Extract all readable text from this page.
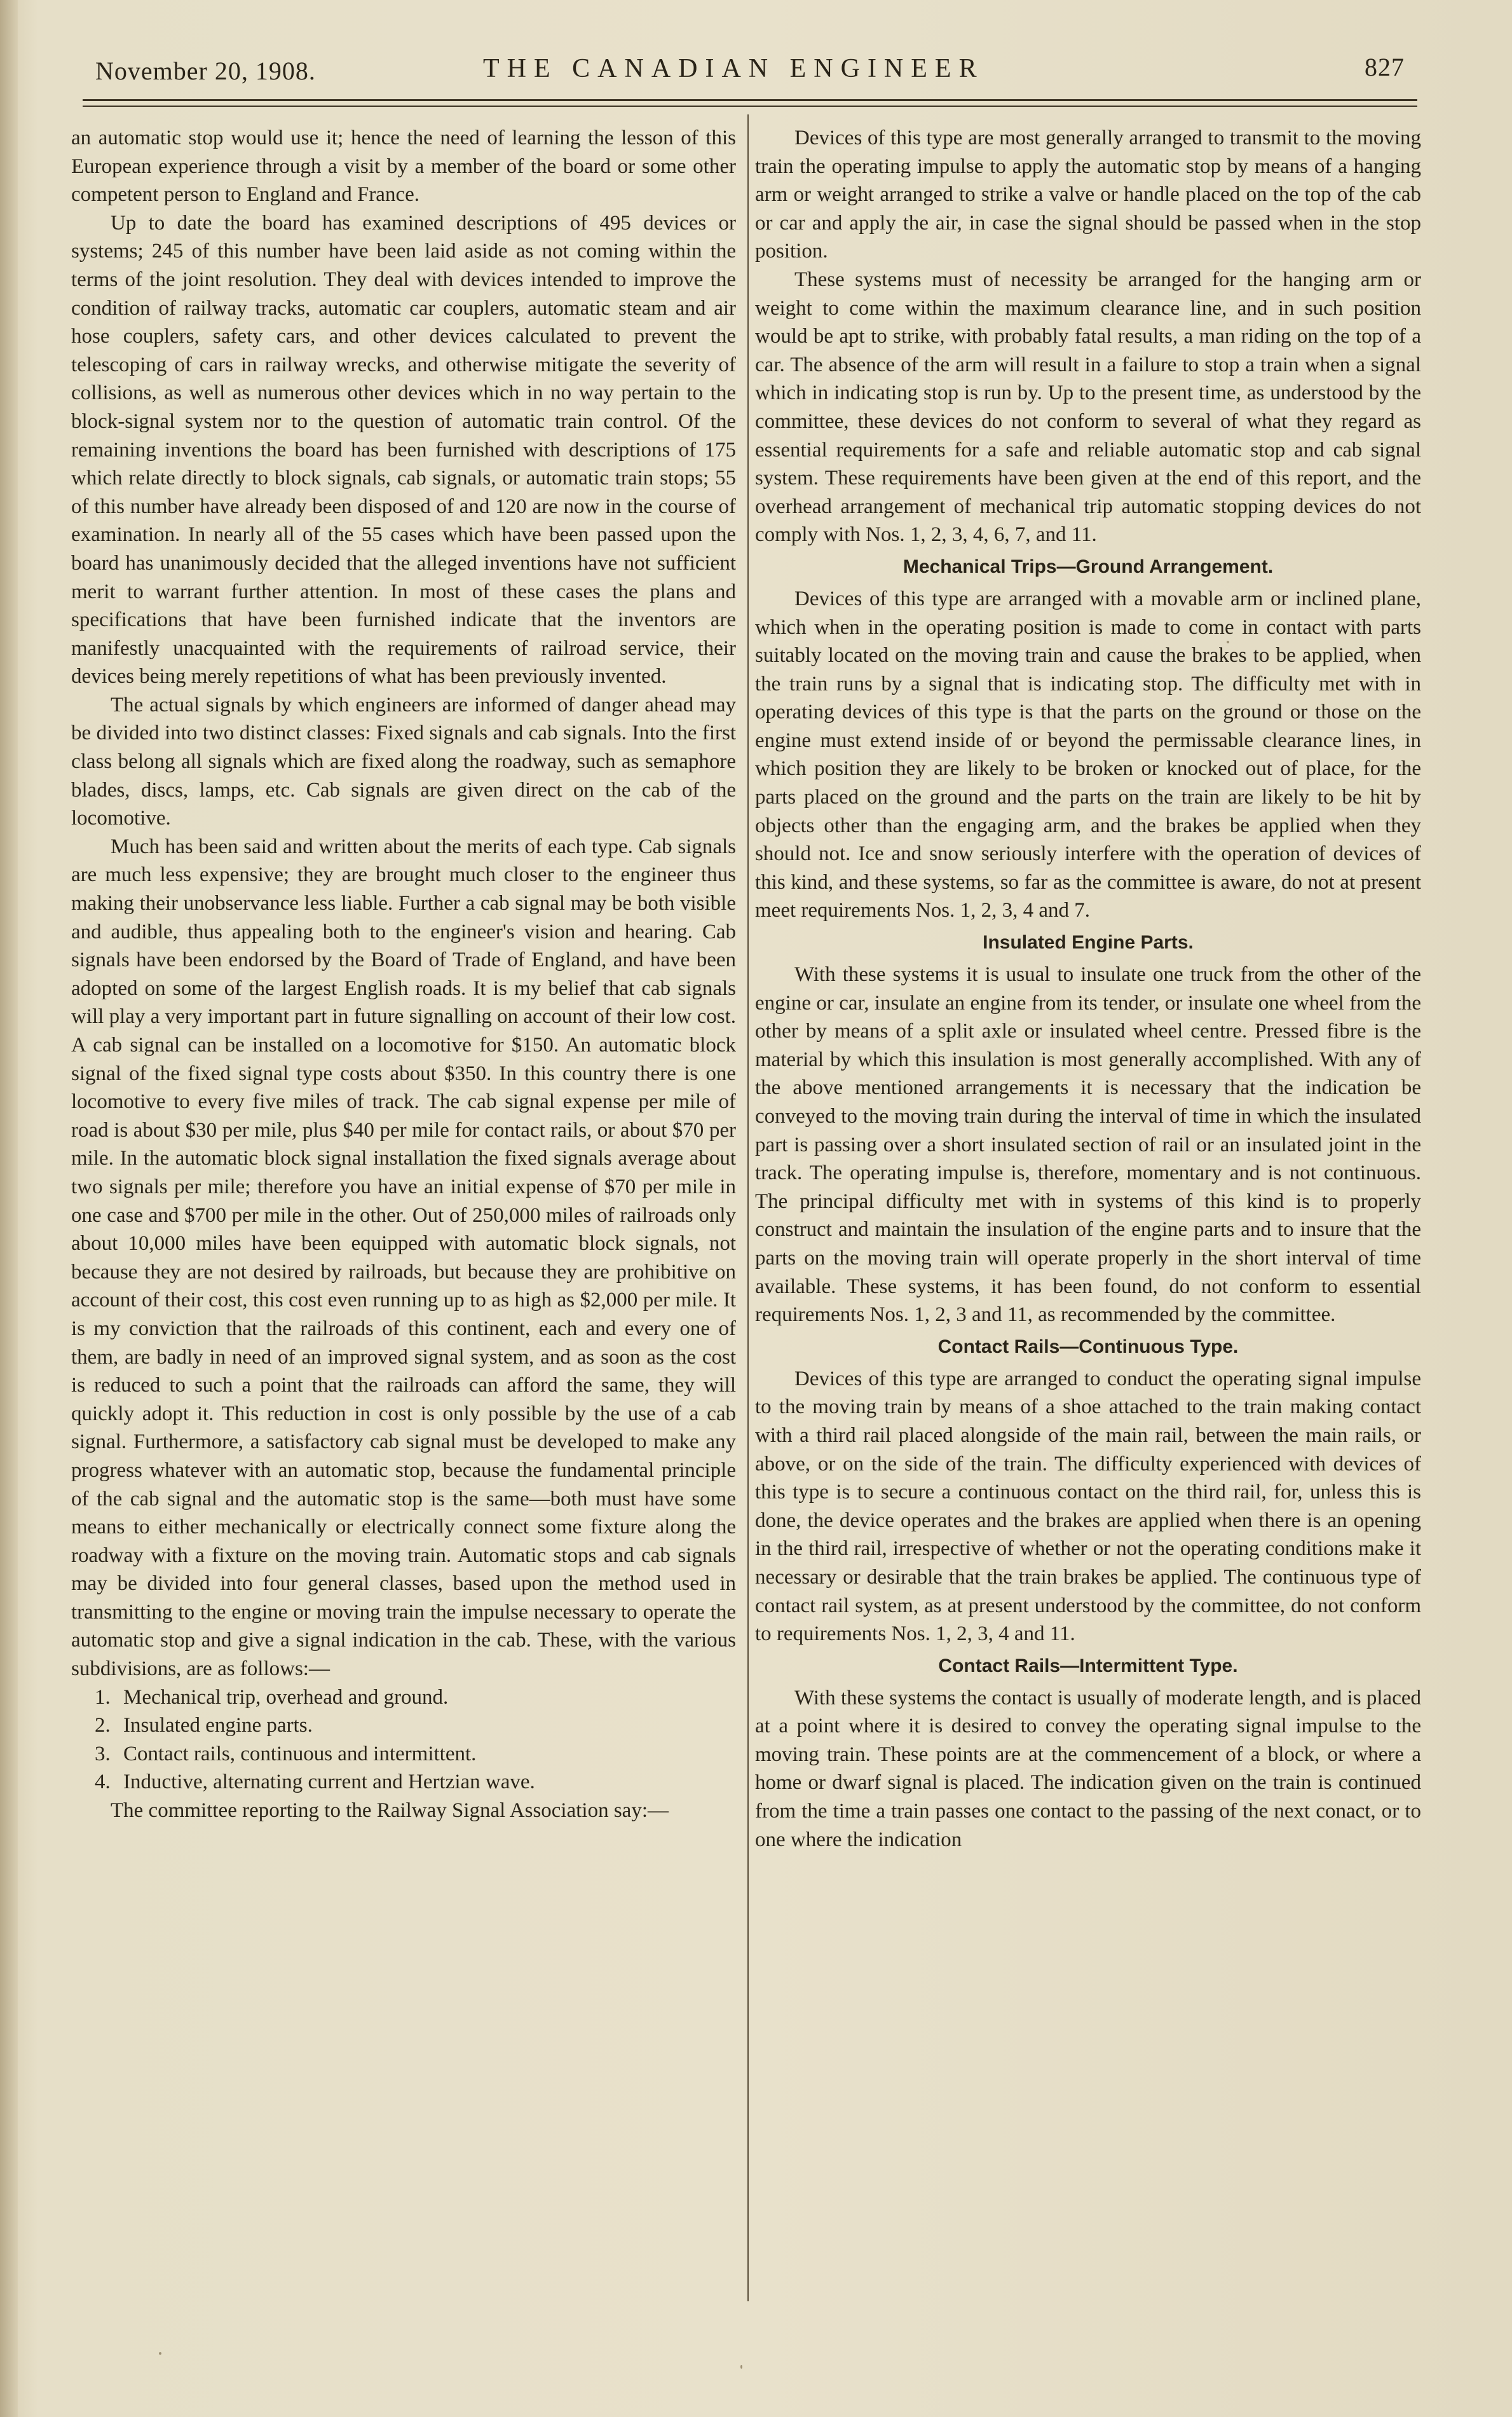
November 20, 1908.	THE CANADIAN ENGINEER	827

an automatic stop would use it; hence the need of learning the lesson of this European experience through a visit by a member of the board or some other competent person to England and France.

Up to date the board has examined descriptions of 495 devices or systems; 245 of this number have been laid aside as not coming within the terms of the joint resolution. They deal with devices intended to improve the condition of railway tracks, automatic car couplers, automatic steam and air hose couplers, safety cars, and other devices calculated to prevent the telescoping of cars in railway wrecks, and otherwise mitigate the severity of collisions, as well as numerous other devices which in no way pertain to the block-signal system nor to the question of automatic train control. Of the remaining inventions the board has been furnished with descriptions of 175 which relate directly to block signals, cab signals, or automatic train stops; 55 of this number have already been disposed of and 120 are now in the course of examination. In nearly all of the 55 cases which have been passed upon the board has unanimously decided that the alleged inventions have not sufficient merit to warrant further attention. In most of these cases the plans and specifications that have been furnished indicate that the inventors are manifestly unacquainted with the requirements of railroad service, their devices being merely repetitions of what has been previously invented.

The actual signals by which engineers are informed of danger ahead may be divided into two distinct classes: Fixed signals and cab signals. Into the first class belong all signals which are fixed along the roadway, such as semaphore blades, discs, lamps, etc. Cab signals are given direct on the cab of the locomotive.

Much has been said and written about the merits of each type. Cab signals are much less expensive; they are brought much closer to the engineer thus making their unobservance less liable. Further a cab signal may be both visible and audible, thus appealing both to the engineer's vision and hearing. Cab signals have been endorsed by the Board of Trade of England, and have been adopted on some of the largest English roads. It is my belief that cab signals will play a very important part in future signalling on account of their low cost. A cab signal can be installed on a locomotive for $150. An automatic block signal of the fixed signal type costs about $350. In this country there is one locomotive to every five miles of track. The cab signal expense per mile of road is about $30 per mile, plus $40 per mile for contact rails, or about $70 per mile. In the automatic block signal installation the fixed signals average about two signals per mile; therefore you have an initial expense of $70 per mile in one case and $700 per mile in the other. Out of 250,000 miles of railroads only about 10,000 miles have been equipped with automatic block signals, not because they are not desired by railroads, but because they are prohibitive on account of their cost, this cost even running up to as high as $2,000 per mile. It is my conviction that the railroads of this continent, each and every one of them, are badly in need of an improved signal system, and as soon as the cost is reduced to such a point that the railroads can afford the same, they will quickly adopt it. This reduction in cost is only possible by the use of a cab signal. Furthermore, a satisfactory cab signal must be developed to make any progress whatever with an automatic stop, because the fundamental principle of the cab signal and the automatic stop is the same—both must have some means to either mechanically or electrically connect some fixture along the roadway with a fixture on the moving train. Automatic stops and cab signals may be divided into four general classes, based upon the method used in transmitting to the engine or moving train the impulse necessary to operate the automatic stop and give a signal indication in the cab. These, with the various subdivisions, are as follows:—

1. Mechanical trip, overhead and ground.
2. Insulated engine parts.
3. Contact rails, continuous and intermittent.
4. Inductive, alternating current and Hertzian wave.

The committee reporting to the Railway Signal Association say:—

Devices of this type are most generally arranged to transmit to the moving train the operating impulse to apply the automatic stop by means of a hanging arm or weight arranged to strike a valve or handle placed on the top of the cab or car and apply the air, in case the signal should be passed when in the stop position.

These systems must of necessity be arranged for the hanging arm or weight to come within the maximum clearance line, and in such position would be apt to strike, with probably fatal results, a man riding on the top of a car. The absence of the arm will result in a failure to stop a train when a signal which in indicating stop is run by. Up to the present time, as understood by the committee, these devices do not conform to several of what they regard as essential requirements for a safe and reliable automatic stop and cab signal system. These requirements have been given at the end of this report, and the overhead arrangement of mechanical trip automatic stopping devices do not comply with Nos. 1, 2, 3, 4, 6, 7, and 11.

Mechanical Trips—Ground Arrangement.

Devices of this type are arranged with a movable arm or inclined plane, which when in the operating position is made to come in contact with parts suitably located on the moving train and cause the brakes to be applied, when the train runs by a signal that is indicating stop. The difficulty met with in operating devices of this type is that the parts on the ground or those on the engine must extend inside of or beyond the permissable clearance lines, in which position they are likely to be broken or knocked out of place, for the parts placed on the ground and the parts on the train are likely to be hit by objects other than the engaging arm, and the brakes be applied when they should not. Ice and snow seriously interfere with the operation of devices of this kind, and these systems, so far as the committee is aware, do not at present meet requirements Nos. 1, 2, 3, 4 and 7.

Insulated Engine Parts.

With these systems it is usual to insulate one truck from the other of the engine or car, insulate an engine from its tender, or insulate one wheel from the other by means of a split axle or insulated wheel centre. Pressed fibre is the material by which this insulation is most generally accomplished. With any of the above mentioned arrangements it is necessary that the indication be conveyed to the moving train during the interval of time in which the insulated part is passing over a short insulated section of rail or an insulated joint in the track. The operating impulse is, therefore, momentary and is not continuous. The principal difficulty met with in systems of this kind is to properly construct and maintain the insulation of the engine parts and to insure that the parts on the moving train will operate properly in the short interval of time available. These systems, it has been found, do not conform to essential requirements Nos. 1, 2, 3 and 11, as recommended by the committee.

Contact Rails—Continuous Type.

Devices of this type are arranged to conduct the operating signal impulse to the moving train by means of a shoe attached to the train making contact with a third rail placed alongside of the main rail, between the main rails, or above, or on the side of the train. The difficulty experienced with devices of this type is to secure a continuous contact on the third rail, for, unless this is done, the device operates and the brakes are applied when there is an opening in the third rail, irrespective of whether or not the operating conditions make it necessary or desirable that the train brakes be applied. The continuous type of contact rail system, as at present understood by the committee, do not conform to requirements Nos. 1, 2, 3, 4 and 11.

Contact Rails—Intermittent Type.

With these systems the contact is usually of moderate length, and is placed at a point where it is desired to convey the operating signal impulse to the moving train. These points are at the commencement of a block, or where a home or dwarf signal is placed. The indication given on the train is continued from the time a train passes one contact to the passing of the next conact, or to one where the indication
